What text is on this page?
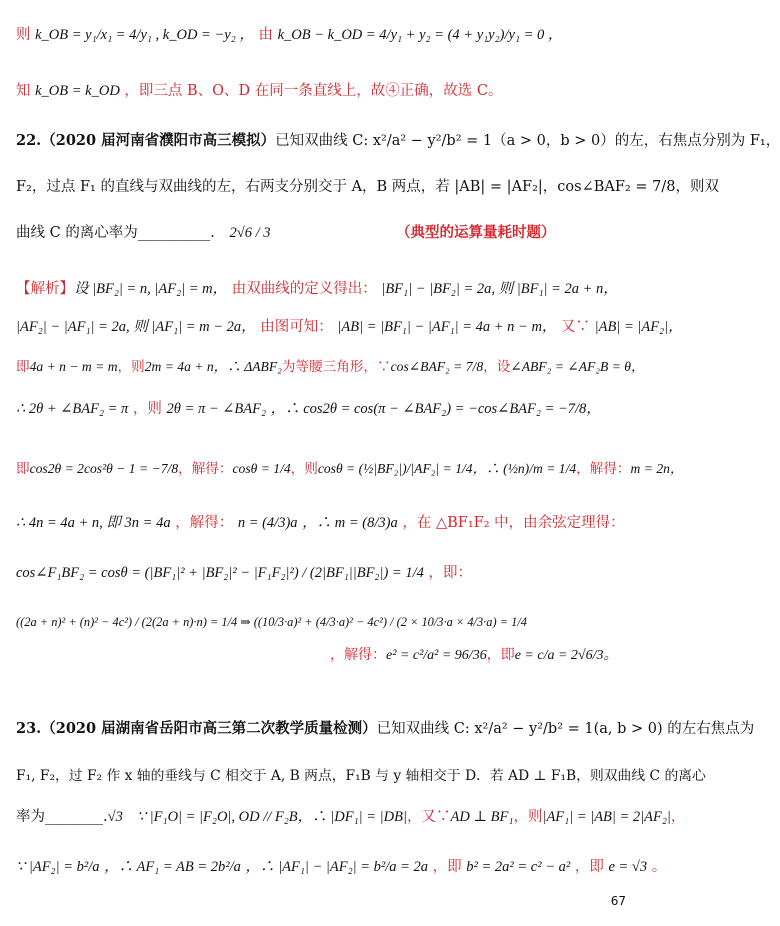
则 k_OB = y₁/x₁ = 4/y₁ , k_OD = −y₂ ， 由 k_OB − k_OD = 4/y₁ + y₂ = (4 + y₁y₂)/y₁ = 0 ，
知 k_OB = k_OD ，即三点 B、O、D 在同一条直线上，故④正确，故选 C。
22.（2020 届河南省濮阳市高三模拟）已知双曲线 C: x²/a² − y²/b² = 1（a > 0，b > 0）的左，右焦点分别为 F₁，
F₂，过点 F₁ 的直线与双曲线的左，右两支分别交于 A，B 两点，若 |AB| = |AF₂|，cos∠BAF₂ = 7/8，则双
曲线 C 的离心率为__________. 2√6 / 3	（典型的运算量耗时题）
【解析】设 |BF₂| = n, |AF₂| = m， 由双曲线的定义得出： |BF₁| − |BF₂| = 2a, 则 |BF₁| = 2a + n，
|AF₂| − |AF₁| = 2a, 则 |AF₁| = m − 2a， 由图可知： |AB| = |BF₁| − |AF₁| = 4a + n − m， 又∵ |AB| = |AF₂|，
即4a + n − m = m，则2m = 4a + n，∴ ΔABF₂为等腰三角形，∵cos∠BAF₂ = 7/8，设∠ABF₂ = ∠AF₂B = θ，
∴ 2θ + ∠BAF₂ = π ，则 2θ = π − ∠BAF₂ ，∴ cos2θ = cos(π − ∠BAF₂) = −cos∠BAF₂ = −7/8，
即cos2θ = 2cos²θ − 1 = −7/8，解得：cosθ = 1/4，则cosθ = (½|BF₂|)/|AF₂| = 1/4，∴ (½n)/m = 1/4，解得：m = 2n，
∴ 4n = 4a + n, 即 3n = 4a ，解得： n = (4/3)a ，∴ m = (8/3)a ，在 △BF₁F₂ 中，由余弦定理得：
cos∠F₁BF₂ = cosθ = (|BF₁|² + |BF₂|² − |F₁F₂|²) / (2|BF₁||BF₂|) = 1/4 ，即：
((2a + n)² + (n)² − 4c²) / (2(2a + n)·n) = 1/4 ⇒ ((10/3·a)² + (4/3·a)² − 4c²) / (2 × 10/3·a × 4/3·a) = 1/4
，解得：e² = c²/a² = 96/36，即e = c/a = 2√6/3。
23.（2020 届湖南省岳阳市高三第二次教学质量检测）已知双曲线 C: x²/a² − y²/b² = 1(a, b > 0) 的左右焦点为
F₁, F₂，过 F₂ 作 x 轴的垂线与 C 相交于 A, B 两点，F₁B 与 y 轴相交于 D．若 AD ⊥ F₁B，则双曲线 C 的离心
率为________.√3 ∵ |F₁O| = |F₂O|, OD // F₂B，∴ |DF₁| = |DB|，又∵AD ⊥ BF₁，则|AF₁| = |AB| = 2|AF₂|，
∵ |AF₂| = b²/a ，∴ AF₁ = AB = 2b²/a ，∴ |AF₁| − |AF₂| = b²/a = 2a ，即 b² = 2a² = c² − a² ，即 e = √3 。
67
